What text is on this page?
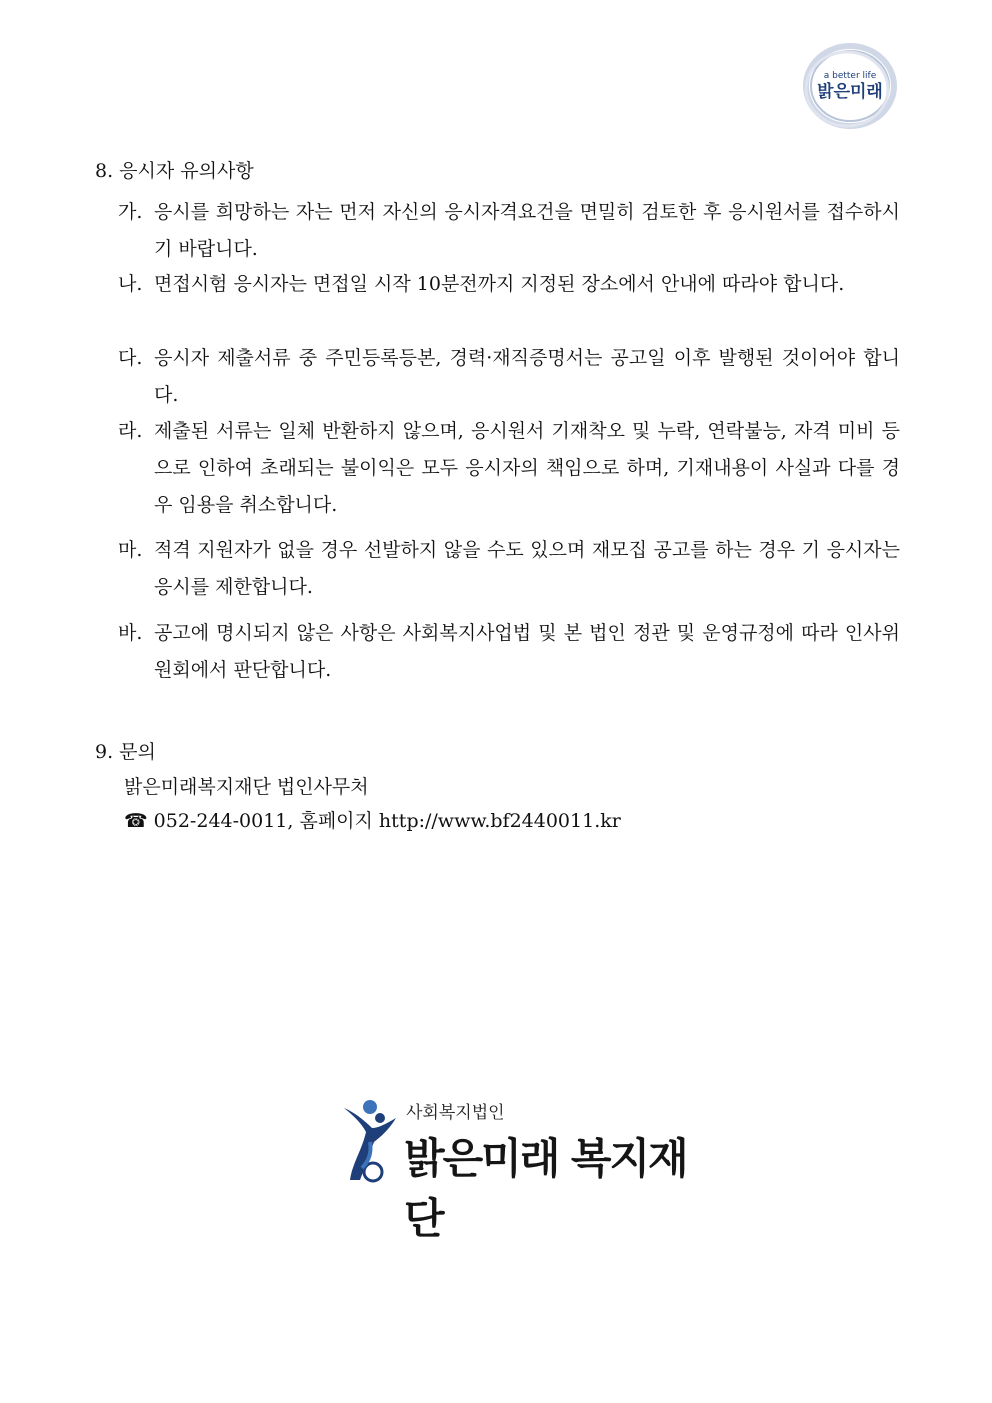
a better life
밝은미래
8. 응시자 유의사항
가. 응시를 희망하는 자는 먼저 자신의 응시자격요건을 면밀히 검토한 후 응시원서를 접수하시기 바랍니다.
나. 면접시험 응시자는 면접일 시작 10분전까지 지정된 장소에서 안내에 따라야 합니다.
다. 응시자 제출서류 중 주민등록등본, 경력·재직증명서는 공고일 이후 발행된 것이어야 합니다.
라. 제출된 서류는 일체 반환하지 않으며, 응시원서 기재착오 및 누락, 연락불능, 자격 미비 등으로 인하여 초래되는 불이익은 모두 응시자의 책임으로 하며, 기재내용이 사실과 다를 경우 임용을 취소합니다.
마. 적격 지원자가 없을 경우 선발하지 않을 수도 있으며 재모집 공고를 하는 경우 기 응시자는 응시를 제한합니다.
바. 공고에 명시되지 않은 사항은 사회복지사업법 및 본 법인 정관 및 운영규정에 따라 인사위원회에서 판단합니다.
9. 문의
밝은미래복지재단 법인사무처
☎ 052-244-0011, 홈페이지 http://www.bf2440011.kr
사회복지법인
밝은미래 복지재단
